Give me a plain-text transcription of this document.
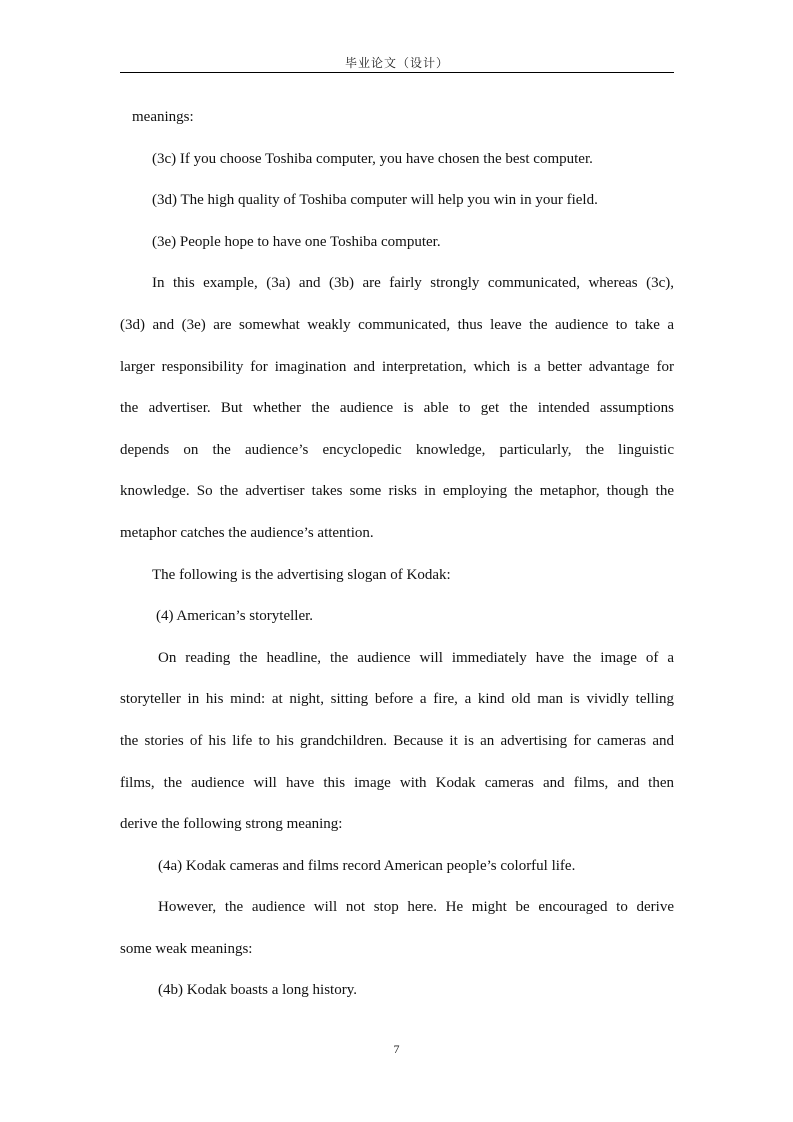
毕业论文（设计）
meanings:
(3c) If you choose Toshiba computer, you have chosen the best computer.
(3d) The high quality of Toshiba computer will help you win in your field.
(3e) People hope to have one Toshiba computer.
In this example, (3a) and (3b) are fairly strongly communicated, whereas (3c),
(3d) and (3e) are somewhat weakly communicated, thus leave the audience to take a
larger responsibility for imagination and interpretation, which is a better advantage for
the advertiser. But whether the audience is able to get the intended assumptions
depends on the audience’s encyclopedic knowledge, particularly, the linguistic
knowledge. So the advertiser takes some risks in employing the metaphor, though the
metaphor catches the audience’s attention.
The following is the advertising slogan of Kodak:
(4) American’s storyteller.
On reading the headline, the audience will immediately have the image of a
storyteller in his mind: at night, sitting before a fire, a kind old man is vividly telling
the stories of his life to his grandchildren. Because it is an advertising for cameras and
films, the audience will have this image with Kodak cameras and films, and then
derive the following strong meaning:
(4a) Kodak cameras and films record American people’s colorful life.
However, the audience will not stop here. He might be encouraged to derive
some weak meanings:
(4b) Kodak boasts a long history.
7
